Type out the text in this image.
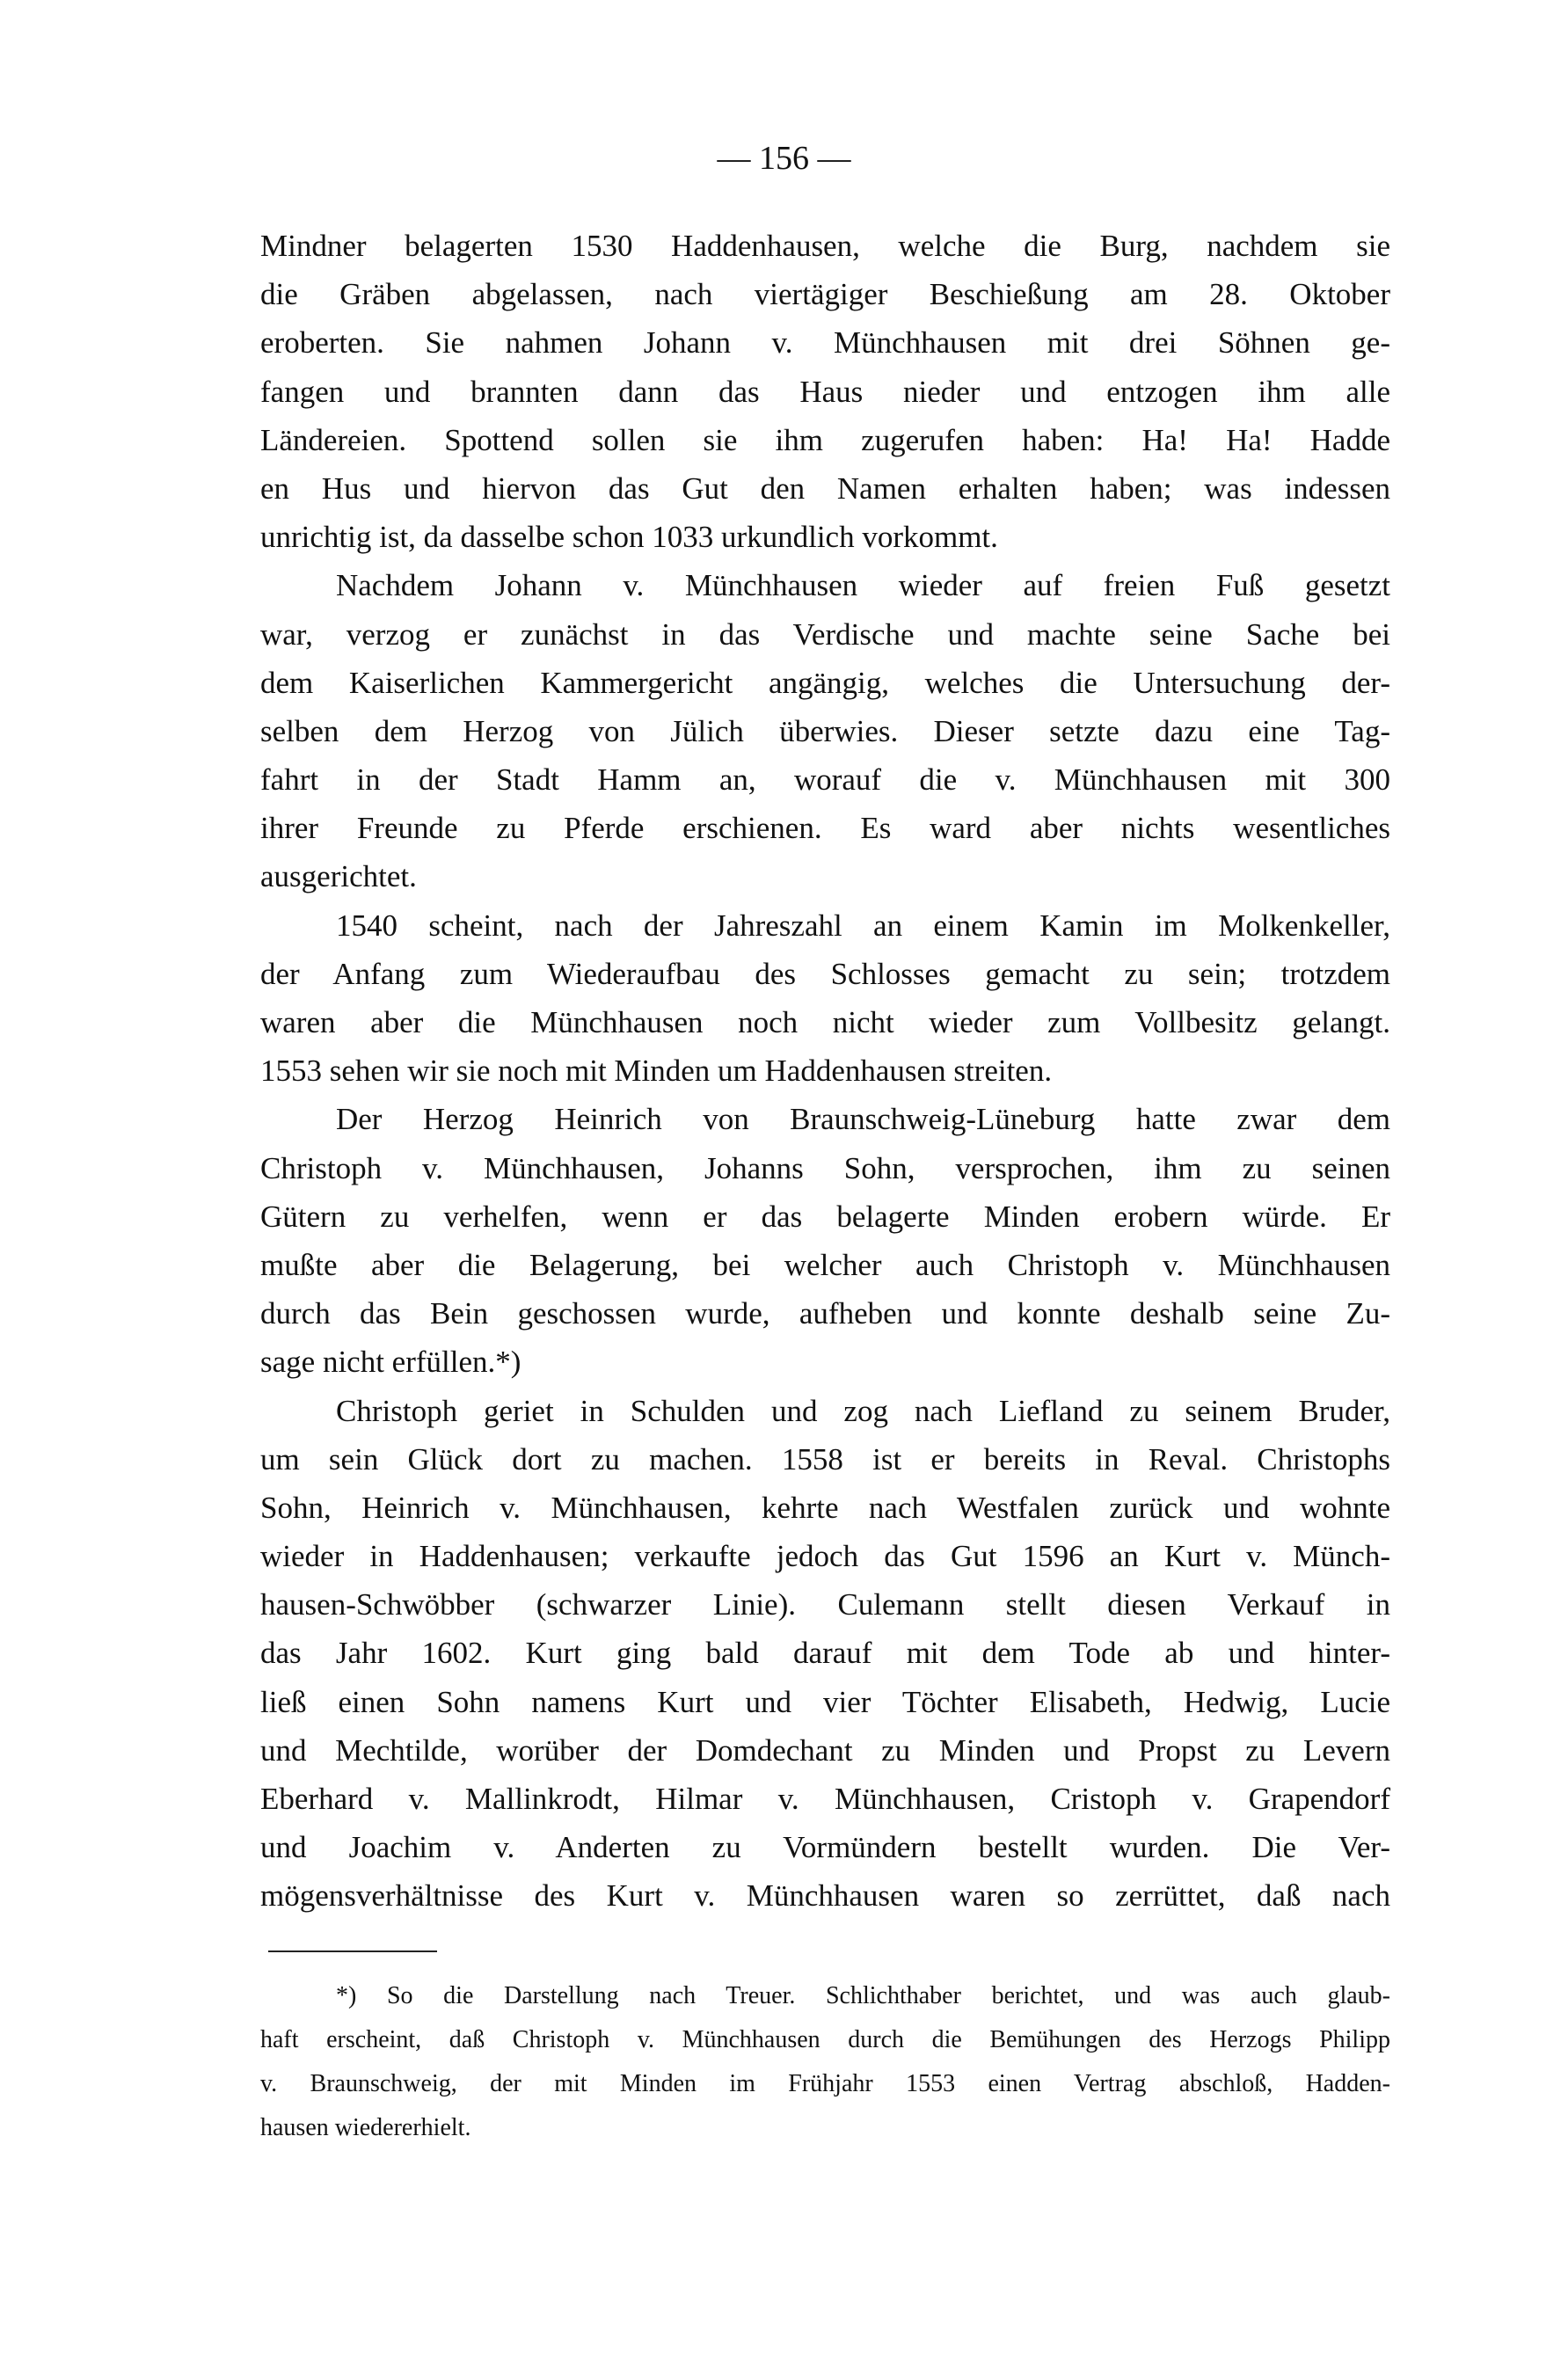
— 156 —
Mindner belagerten 1530 Haddenhausen, welche die Burg, nachdem sie
die Gräben abgelassen, nach viertägiger Beschießung am 28. Oktober
eroberten. Sie nahmen Johann v. Münchhausen mit drei Söhnen ge-
fangen und brannten dann das Haus nieder und entzogen ihm alle
Ländereien. Spottend sollen sie ihm zugerufen haben: Ha! Ha! Hadde
en Hus und hiervon das Gut den Namen erhalten haben; was indessen
unrichtig ist, da dasselbe schon 1033 urkundlich vorkommt.
Nachdem Johann v. Münchhausen wieder auf freien Fuß gesetzt
war, verzog er zunächst in das Verdische und machte seine Sache bei
dem Kaiserlichen Kammergericht angängig, welches die Untersuchung der-
selben dem Herzog von Jülich überwies. Dieser setzte dazu eine Tag-
fahrt in der Stadt Hamm an, worauf die v. Münchhausen mit 300
ihrer Freunde zu Pferde erschienen. Es ward aber nichts wesentliches
ausgerichtet.
1540 scheint, nach der Jahreszahl an einem Kamin im Molkenkeller,
der Anfang zum Wiederaufbau des Schlosses gemacht zu sein; trotzdem
waren aber die Münchhausen noch nicht wieder zum Vollbesitz gelangt.
1553 sehen wir sie noch mit Minden um Haddenhausen streiten.
Der Herzog Heinrich von Braunschweig-Lüneburg hatte zwar dem
Christoph v. Münchhausen, Johanns Sohn, versprochen, ihm zu seinen
Gütern zu verhelfen, wenn er das belagerte Minden erobern würde. Er
mußte aber die Belagerung, bei welcher auch Christoph v. Münchhausen
durch das Bein geschossen wurde, aufheben und konnte deshalb seine Zu-
sage nicht erfüllen.*)
Christoph geriet in Schulden und zog nach Liefland zu seinem Bruder,
um sein Glück dort zu machen. 1558 ist er bereits in Reval. Christophs
Sohn, Heinrich v. Münchhausen, kehrte nach Westfalen zurück und wohnte
wieder in Haddenhausen; verkaufte jedoch das Gut 1596 an Kurt v. Münch-
hausen-Schwöbber (schwarzer Linie). Culemann stellt diesen Verkauf in
das Jahr 1602. Kurt ging bald darauf mit dem Tode ab und hinter-
ließ einen Sohn namens Kurt und vier Töchter Elisabeth, Hedwig, Lucie
und Mechtilde, worüber der Domdechant zu Minden und Propst zu Levern
Eberhard v. Mallinkrodt, Hilmar v. Münchhausen, Cristoph v. Grapendorf
und Joachim v. Anderten zu Vormündern bestellt wurden. Die Ver-
mögensverhältnisse des Kurt v. Münchhausen waren so zerrüttet, daß nach
*) So die Darstellung nach Treuer. Schlichthaber berichtet, und was auch glaub-
haft erscheint, daß Christoph v. Münchhausen durch die Bemühungen des Herzogs Philipp
v. Braunschweig, der mit Minden im Frühjahr 1553 einen Vertrag abschloß, Hadden-
hausen wiedererhielt.
